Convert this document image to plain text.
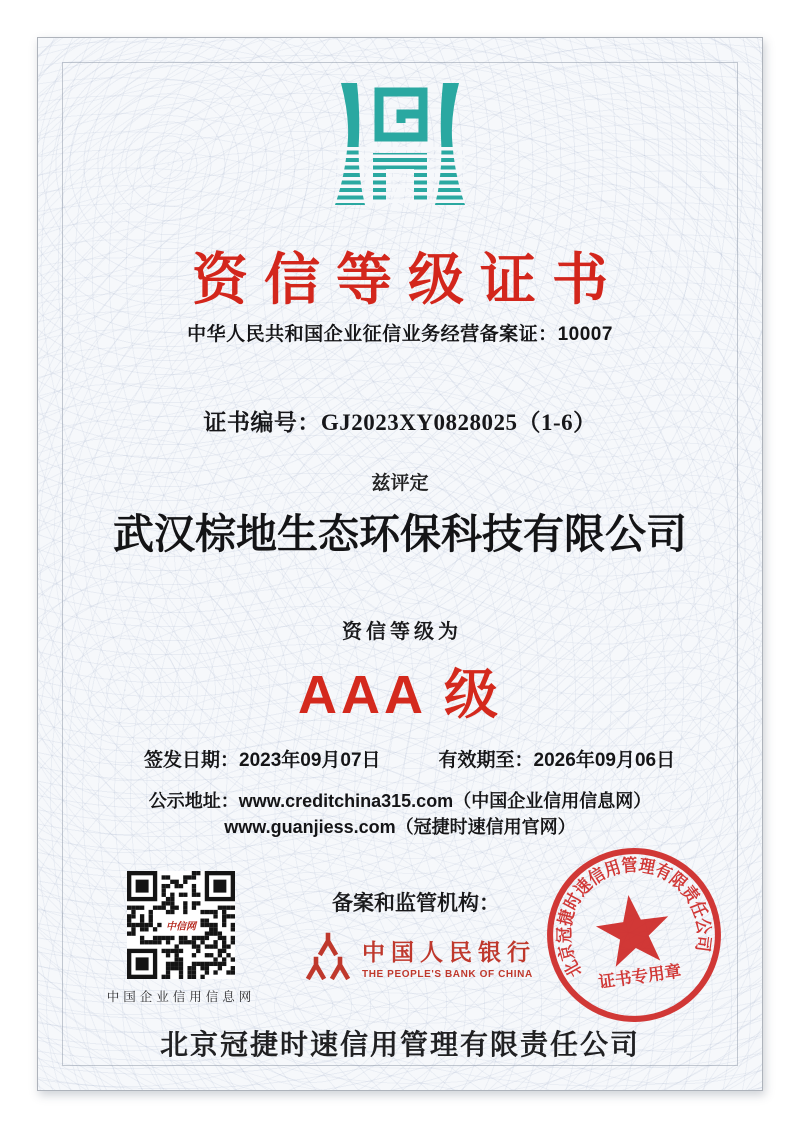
资信等级证书
中华人民共和国企业征信业务经营备案证：10007
证书编号：GJ2023XY0828025（1-6）
兹评定
武汉棕地生态环保科技有限公司
资信等级为
AAA 级
签发日期：2023年09月07日	有效期至：2026年09月06日
公示地址：www.creditchina315.com（中国企业信用信息网）
www.guanjiess.com（冠捷时速信用官网）
中信网
中国企业信用信息网
备案和监管机构：
中国人民银行
THE PEOPLE'S BANK OF CHINA	北京冠捷时速信用管理有限责任公司
证书专用章
北京冠捷时速信用管理有限责任公司
